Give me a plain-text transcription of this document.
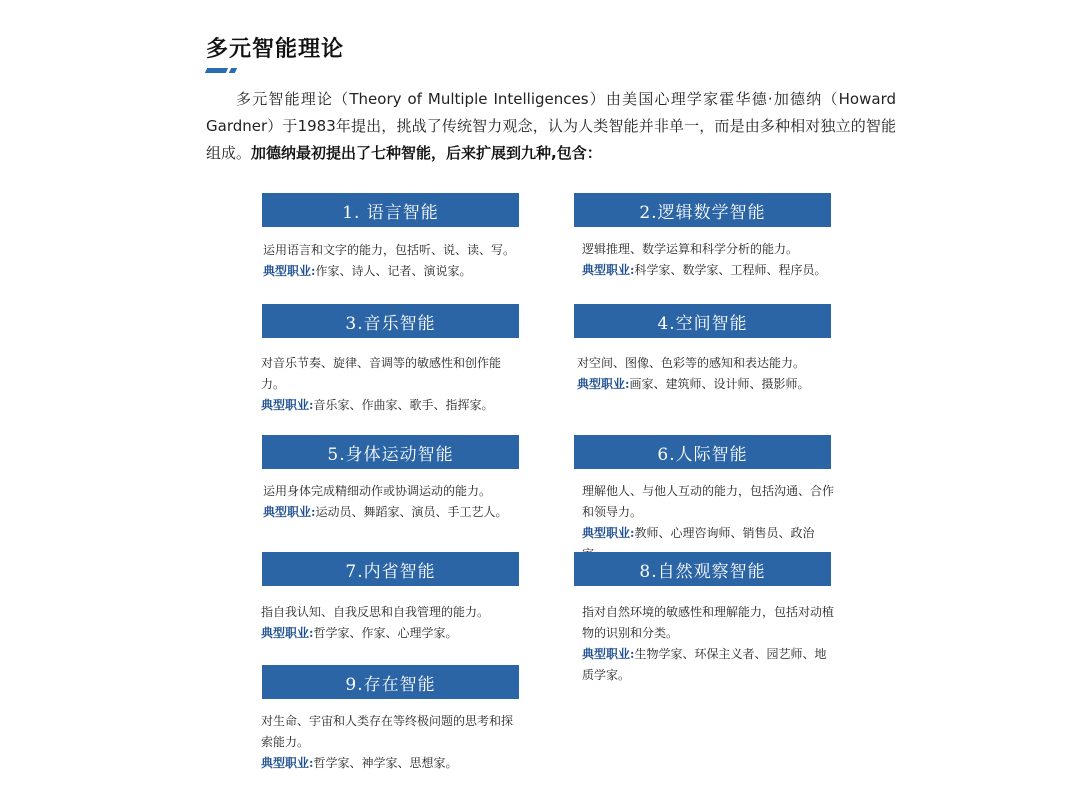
多元智能理论
多元智能理论（Theory of Multiple Intelligences）由美国心理学家霍华德·加德纳（Howard Gardner）于1983年提出，挑战了传统智力观念，认为人类智能并非单一，而是由多种相对独立的智能组成。加德纳最初提出了七种智能，后来扩展到九种,包含：
1. 语言智能
运用语言和文字的能力，包括听、说、读、写。
典型职业:作家、诗人、记者、演说家。
2.逻辑数学智能
逻辑推理、数学运算和科学分析的能力。
典型职业:科学家、数学家、工程师、程序员。
3.音乐智能
对音乐节奏、旋律、音调等的敏感性和创作能力。
典型职业:音乐家、作曲家、歌手、指挥家。
4.空间智能
对空间、图像、色彩等的感知和表达能力。
典型职业:画家、建筑师、设计师、摄影师。
5.身体运动智能
运用身体完成精细动作或协调运动的能力。
典型职业:运动员、舞蹈家、演员、手工艺人。
6.人际智能
理解他人、与他人互动的能力，包括沟通、合作和领导力。
典型职业:教师、心理咨询师、销售员、政治
7.内省智能
指自我认知、自我反思和自我管理的能力。
典型职业:哲学家、作家、心理学家。
8.自然观察智能
指对自然环境的敏感性和理解能力，包括对动植物的识别和分类。
典型职业:生物学家、环保主义者、园艺师、地质学家。
9.存在智能
对生命、宇宙和人类存在等终极问题的思考和探索能力。
典型职业:哲学家、神学家、思想家。
